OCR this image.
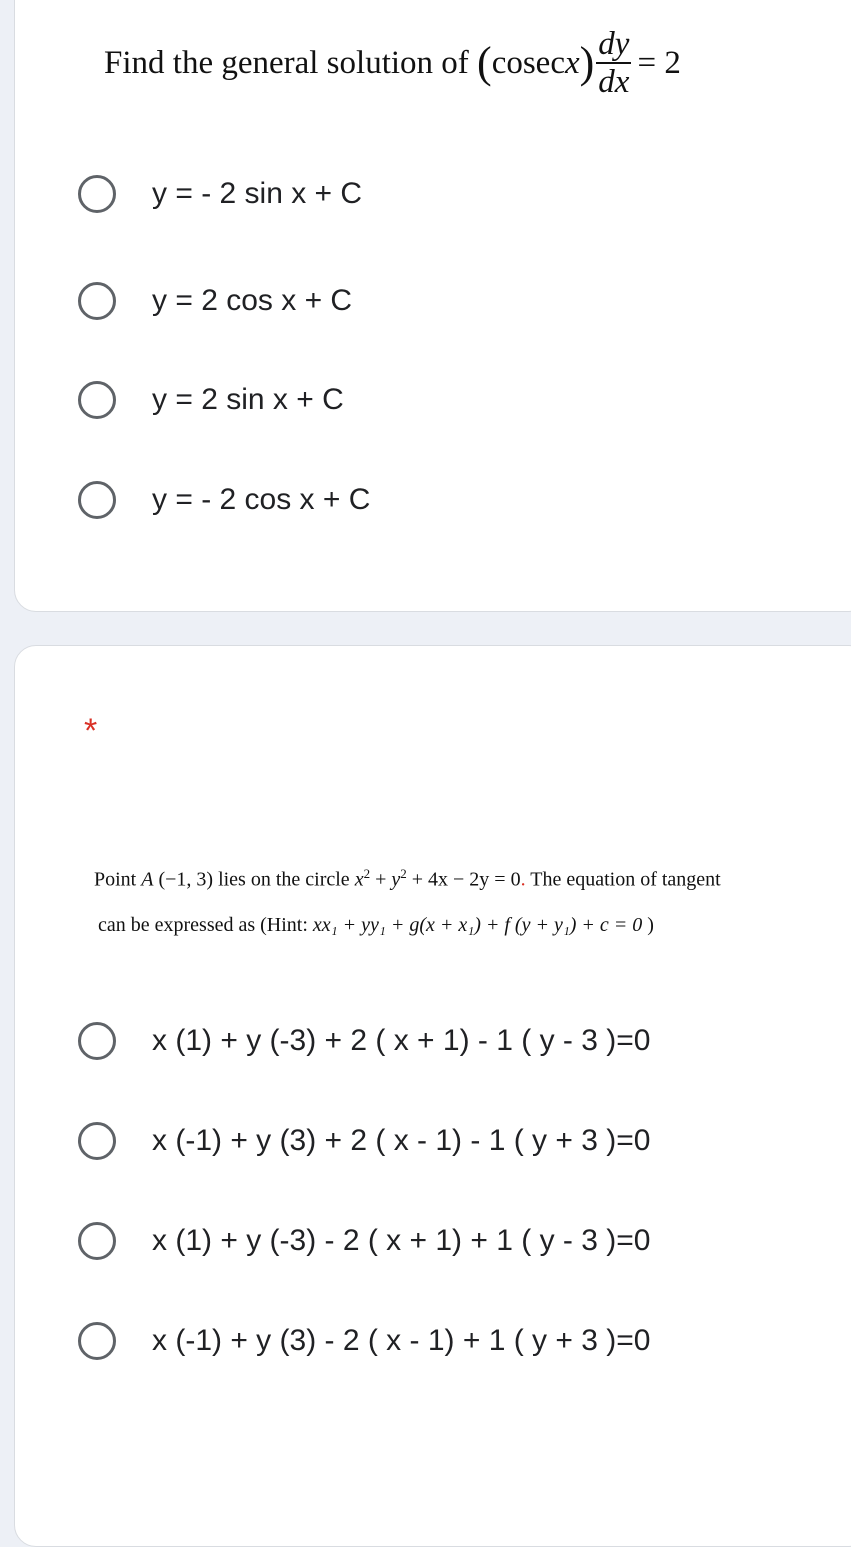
Find the general solution of
( cosec x ) $\frac{dy}{dx} = 2$
y = - 2 sin x + C
y = 2 cos x + C
y = 2 sin x + C
y = - 2 cos x + C
*
Point A (−1, 3) lies on the circle $x^2 + y^2 + 4x - 2y = 0$. The equation of tangent
can be expressed as (Hint: xx₁ + yy₁ + g(x + x₁) + f (y + y₁) + c = 0 )
x (1) + y (-3) + 2 ( x + 1) - 1 ( y - 3 )=0
x (-1) + y (3) + 2 ( x - 1) - 1 ( y + 3 )=0
x (1) + y (-3) - 2 ( x + 1) + 1 ( y - 3 )=0
x (-1) + y (3) - 2 ( x - 1) + 1 ( y + 3 )=0
